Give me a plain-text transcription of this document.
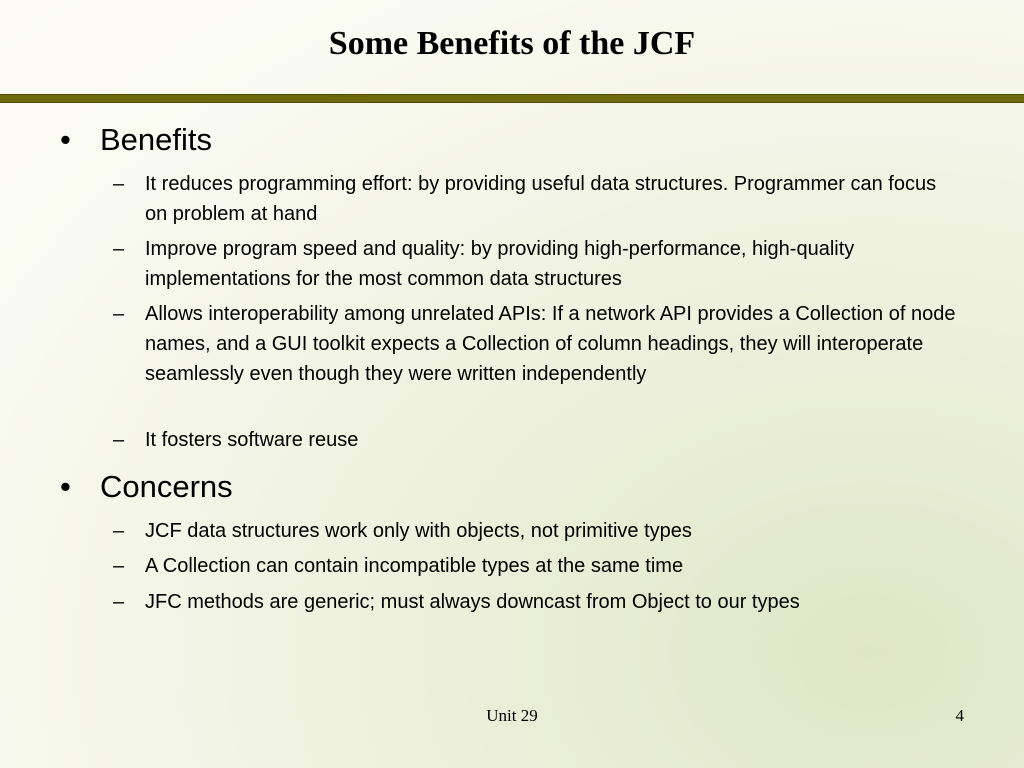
Some Benefits of the JCF
• Benefits
–	It reduces programming effort: by providing useful data structures. Programmer can focus on problem at hand
–	Improve program speed and quality: by providing high-performance, high-quality implementations for the most common data structures
–	Allows interoperability among unrelated APIs: If a network API provides a Collection of node names, and a GUI toolkit expects a Collection of column headings, they will interoperate seamlessly even though they were written independently
–	It fosters software reuse
• Concerns
–	JCF data structures work only with objects, not primitive types
–	A Collection can contain incompatible types at the same time
–	JFC methods are generic; must always downcast from Object to our types
Unit 29	4
